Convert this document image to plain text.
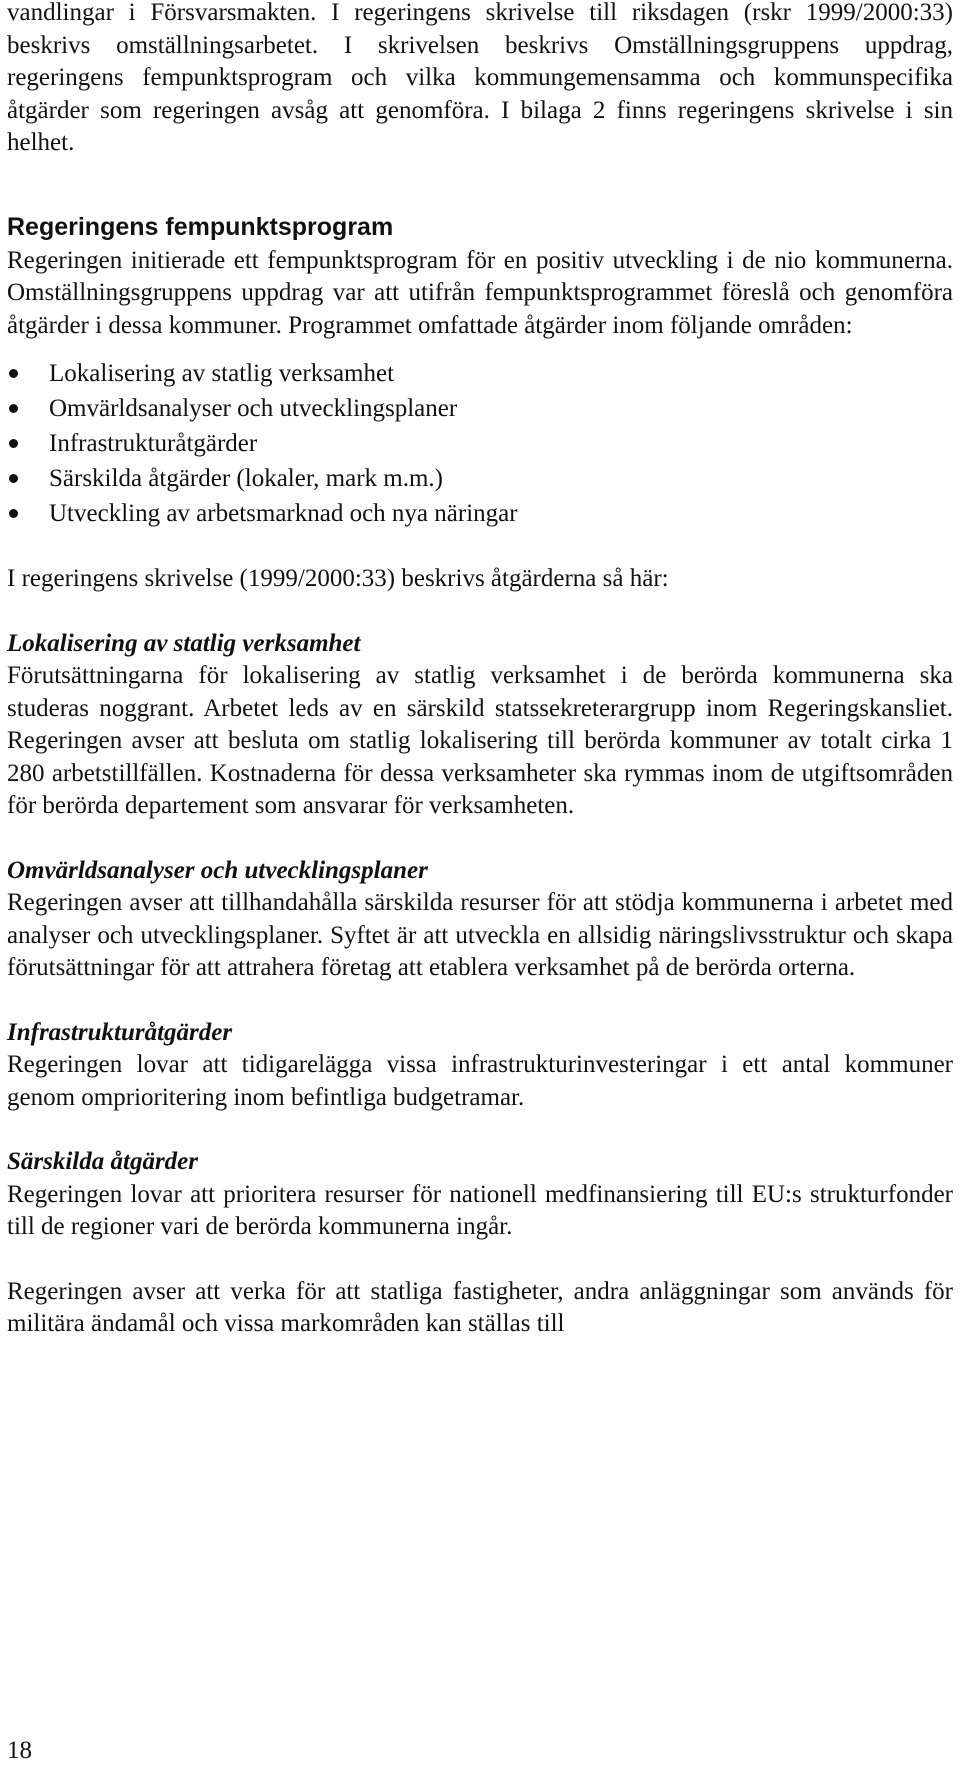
vandlingar i Försvarsmakten. I regeringens skrivelse till riksdagen (rskr 1999/2000:33) beskrivs omställningsarbetet. I skrivelsen beskrivs Omställningsgruppens uppdrag, regeringens fempunktsprogram och vilka kommungemensamma och kommunspecifika åtgärder som regeringen avsåg att genomföra. I bilaga 2 finns regeringens skrivelse i sin helhet.

Regeringens fempunktsprogram

Regeringen initierade ett fempunktsprogram för en positiv utveckling i de nio kommunerna. Omställningsgruppens uppdrag var att utifrån fempunktsprogrammet föreslå och genomföra åtgärder i dessa kommuner. Programmet omfattade åtgärder inom följande områden:

Lokalisering av statlig verksamhet
Omvärldsanalyser och utvecklingsplaner
Infrastrukturåtgärder
Särskilda åtgärder (lokaler, mark m.m.)
Utveckling av arbetsmarknad och nya näringar

I regeringens skrivelse (1999/2000:33) beskrivs åtgärderna så här:

Lokalisering av statlig verksamhet

Förutsättningarna för lokalisering av statlig verksamhet i de berörda kommunerna ska studeras noggrant. Arbetet leds av en särskild statssekreterargrupp inom Regeringskansliet. Regeringen avser att besluta om statlig lokalisering till berörda kommuner av totalt cirka 1 280 arbetstillfällen. Kostnaderna för dessa verksamheter ska rymmas inom de utgiftsområden för berörda departement som ansvarar för verksamheten.

Omvärldsanalyser och utvecklingsplaner

Regeringen avser att tillhandahålla särskilda resurser för att stödja kommunerna i arbetet med analyser och utvecklingsplaner. Syftet är att utveckla en allsidig näringslivsstruktur och skapa förutsättningar för att attrahera företag att etablera verksamhet på de berörda orterna.

Infrastrukturåtgärder

Regeringen lovar att tidigarelägga vissa infrastrukturinvesteringar i ett antal kommuner genom omprioritering inom befintliga budgetramar.

Särskilda åtgärder

Regeringen lovar att prioritera resurser för nationell medfinansiering till EU:s strukturfonder till de regioner vari de berörda kommunerna ingår.

Regeringen avser att verka för att statliga fastigheter, andra anläggningar som används för militära ändamål och vissa markområden kan ställas till

18
